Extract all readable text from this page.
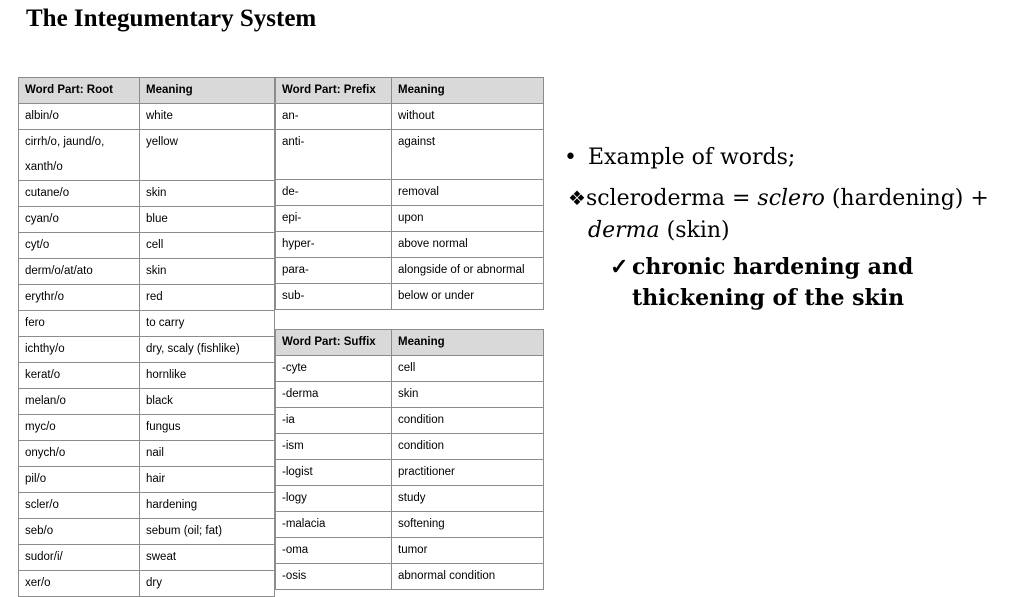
The Integumentary System
Word Part: Root	Meaning
albin/o	white
cirrh/o, jaund/o, xanth/o	yellow
cutane/o	skin
cyan/o	blue
cyt/o	cell
derm/o/at/ato	skin
erythr/o	red
fero	to carry
ichthy/o	dry, scaly (fishlike)
kerat/o	hornlike
melan/o	black
myc/o	fungus
onych/o	nail
pil/o	hair
scler/o	hardening
seb/o	sebum (oil; fat)
sudor/i/	sweat
xer/o	dry
Word Part: Prefix	Meaning
an-	without
anti-	against
de-	removal
epi-	upon
hyper-	above normal
para-	alongside of or abnormal
sub-	below or under
Word Part: Suffix	Meaning
-cyte	cell
-derma	skin
-ia	condition
-ism	condition
-logist	practitioner
-logy	study
-malacia	softening
-oma	tumor
-osis	abnormal condition
• Example of words;
❖scleroderma = sclero (hardening) +
derma (skin)
✓ chronic hardening and
thickening of the skin
